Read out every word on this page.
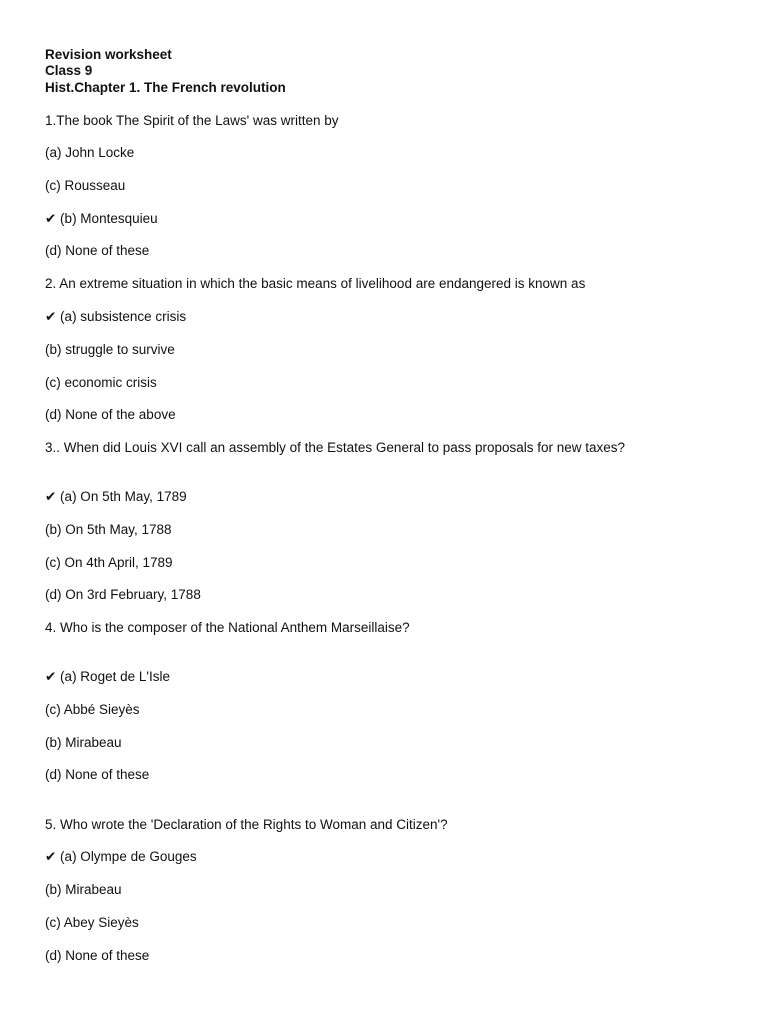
Revision worksheet
Class 9
Hist.Chapter 1. The French revolution
1.The book The Spirit of the Laws' was written by
(a) John Locke
(c) Rousseau
✔ (b) Montesquieu
(d) None of these
2. An extreme situation in which the basic means of livelihood are endangered is known as
✔ (a) subsistence crisis
(b) struggle to survive
(c) economic crisis
(d) None of the above
3.. When did Louis XVI call an assembly of the Estates General to pass proposals for new taxes?
✔ (a) On 5th May, 1789
(b) On 5th May, 1788
(c) On 4th April, 1789
(d) On 3rd February, 1788
4. Who is the composer of the National Anthem Marseillaise?
✔ (a) Roget de L'Isle
(c) Abbé Sieyès
(b) Mirabeau
(d) None of these
5. Who wrote the 'Declaration of the Rights to Woman and Citizen'?
✔ (a) Olympe de Gouges
(b) Mirabeau
(c) Abey Sieyès
(d) None of these
